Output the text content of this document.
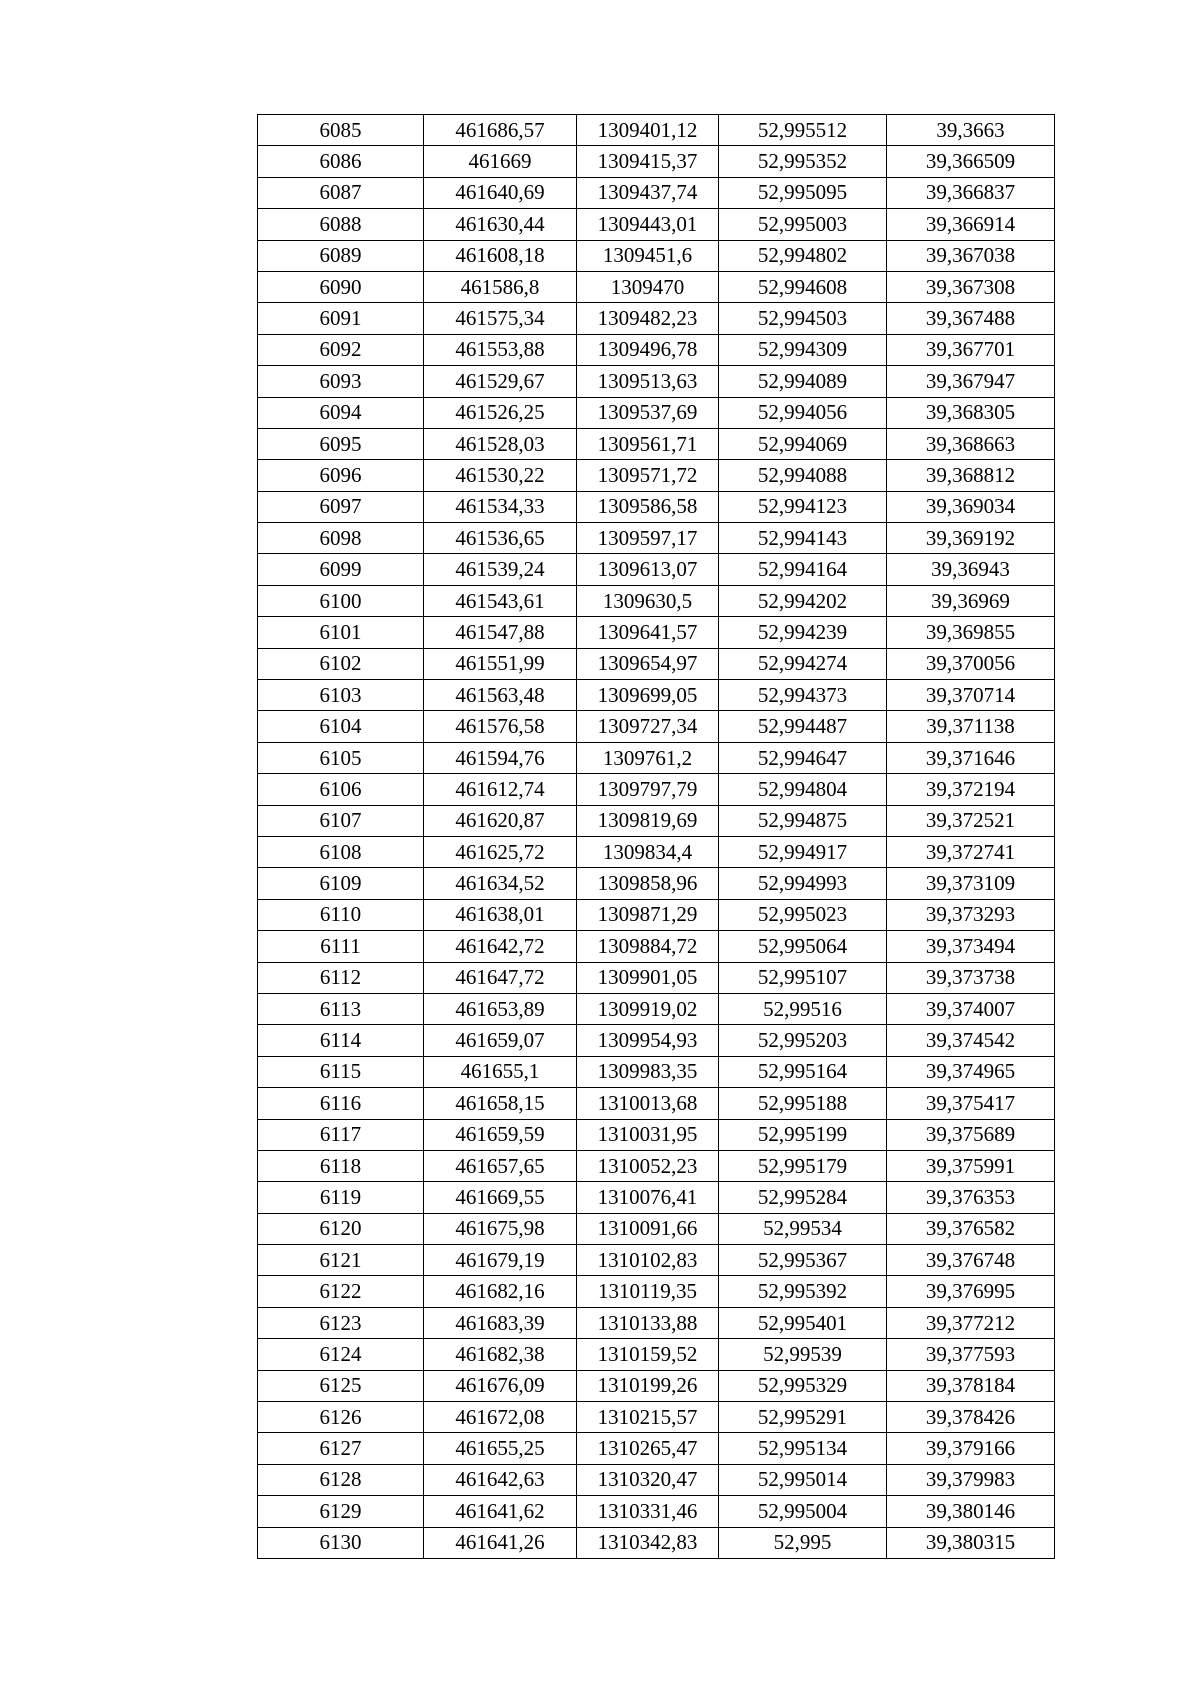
6085	461686,57	1309401,12	52,995512	39,3663
6086	461669	1309415,37	52,995352	39,366509
6087	461640,69	1309437,74	52,995095	39,366837
6088	461630,44	1309443,01	52,995003	39,366914
6089	461608,18	1309451,6	52,994802	39,367038
6090	461586,8	1309470	52,994608	39,367308
6091	461575,34	1309482,23	52,994503	39,367488
6092	461553,88	1309496,78	52,994309	39,367701
6093	461529,67	1309513,63	52,994089	39,367947
6094	461526,25	1309537,69	52,994056	39,368305
6095	461528,03	1309561,71	52,994069	39,368663
6096	461530,22	1309571,72	52,994088	39,368812
6097	461534,33	1309586,58	52,994123	39,369034
6098	461536,65	1309597,17	52,994143	39,369192
6099	461539,24	1309613,07	52,994164	39,36943
6100	461543,61	1309630,5	52,994202	39,36969
6101	461547,88	1309641,57	52,994239	39,369855
6102	461551,99	1309654,97	52,994274	39,370056
6103	461563,48	1309699,05	52,994373	39,370714
6104	461576,58	1309727,34	52,994487	39,371138
6105	461594,76	1309761,2	52,994647	39,371646
6106	461612,74	1309797,79	52,994804	39,372194
6107	461620,87	1309819,69	52,994875	39,372521
6108	461625,72	1309834,4	52,994917	39,372741
6109	461634,52	1309858,96	52,994993	39,373109
6110	461638,01	1309871,29	52,995023	39,373293
6111	461642,72	1309884,72	52,995064	39,373494
6112	461647,72	1309901,05	52,995107	39,373738
6113	461653,89	1309919,02	52,99516	39,374007
6114	461659,07	1309954,93	52,995203	39,374542
6115	461655,1	1309983,35	52,995164	39,374965
6116	461658,15	1310013,68	52,995188	39,375417
6117	461659,59	1310031,95	52,995199	39,375689
6118	461657,65	1310052,23	52,995179	39,375991
6119	461669,55	1310076,41	52,995284	39,376353
6120	461675,98	1310091,66	52,99534	39,376582
6121	461679,19	1310102,83	52,995367	39,376748
6122	461682,16	1310119,35	52,995392	39,376995
6123	461683,39	1310133,88	52,995401	39,377212
6124	461682,38	1310159,52	52,99539	39,377593
6125	461676,09	1310199,26	52,995329	39,378184
6126	461672,08	1310215,57	52,995291	39,378426
6127	461655,25	1310265,47	52,995134	39,379166
6128	461642,63	1310320,47	52,995014	39,379983
6129	461641,62	1310331,46	52,995004	39,380146
6130	461641,26	1310342,83	52,995	39,380315
